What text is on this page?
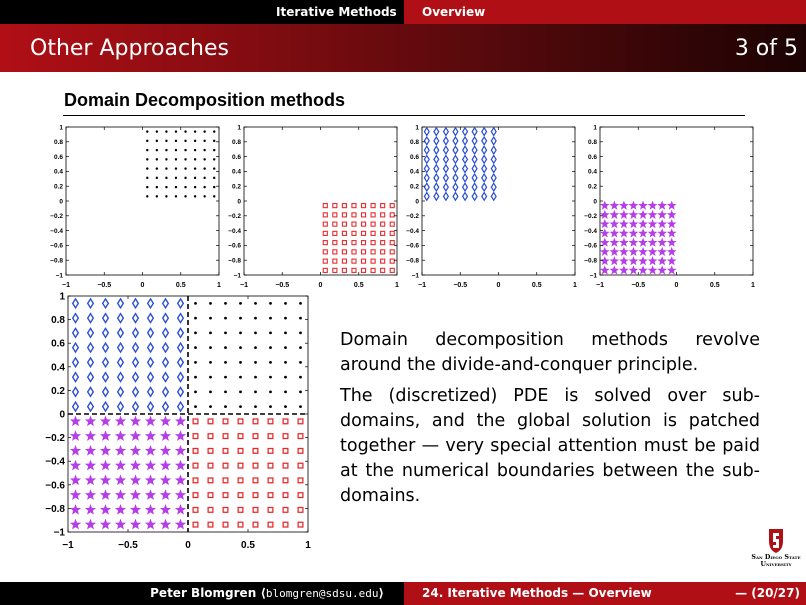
Iterative Methods	Overview
Other Approaches	3 of 5
Domain Decomposition methods
−1	−0.5	0	0.5	1
−1
−0.8
−0.6
−0.4
−0.2
0
0.2
0.4
0.6
0.8
1
−1	−0.5	0	0.5	1
−1
−0.8
−0.6
−0.4
−0.2
0
0.2
0.4
0.6
0.8
1
−1	−0.5	0	0.5	1
−1
−0.8
−0.6
−0.4
−0.2
0
0.2
0.4
0.6
0.8
1
−1	−0.5	0	0.5	1
−1
−0.8
−0.6
−0.4
−0.2
0
0.2
0.4
0.6
0.8
1
−1	−0.5	0	0.5	1
−1
−0.8
−0.6
−0.4
−0.2
0
0.2
0.4
0.6
0.8
1

Domain decomposition methods revolve around the divide-and-conquer principle.

The (discretized) PDE is solved over sub-domains, and the global solution is patched together — very special attention must be paid at the numerical boundaries between the sub-domains.

San Diego State
University
Peter Blomgren ⟨blomgren@sdsu.edu⟩	24. Iterative Methods — Overview	— (20/27)
